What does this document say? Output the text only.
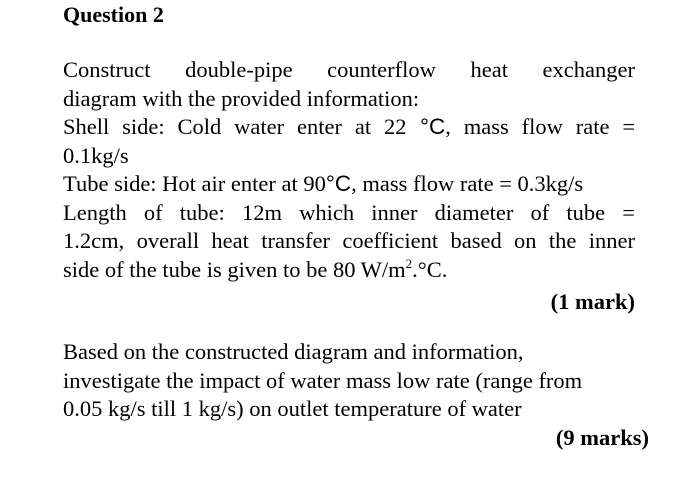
Question 2
Construct double-pipe counterflow heat exchanger
diagram with the provided information:
Shell side: Cold water enter at 22 °C, mass flow rate =
0.1kg/s
Tube side: Hot air enter at 90°C, mass flow rate = 0.3kg/s
Length of tube: 12m which inner diameter of tube =
1.2cm, overall heat transfer coefficient based on the inner
side of the tube is given to be 80 $W/m^2.^\circ C$.
(1 mark)
Based on the constructed diagram and information,
investigate the impact of water mass low rate (range from
0.05 kg/s till 1 kg/s) on outlet temperature of water
(9 marks)
